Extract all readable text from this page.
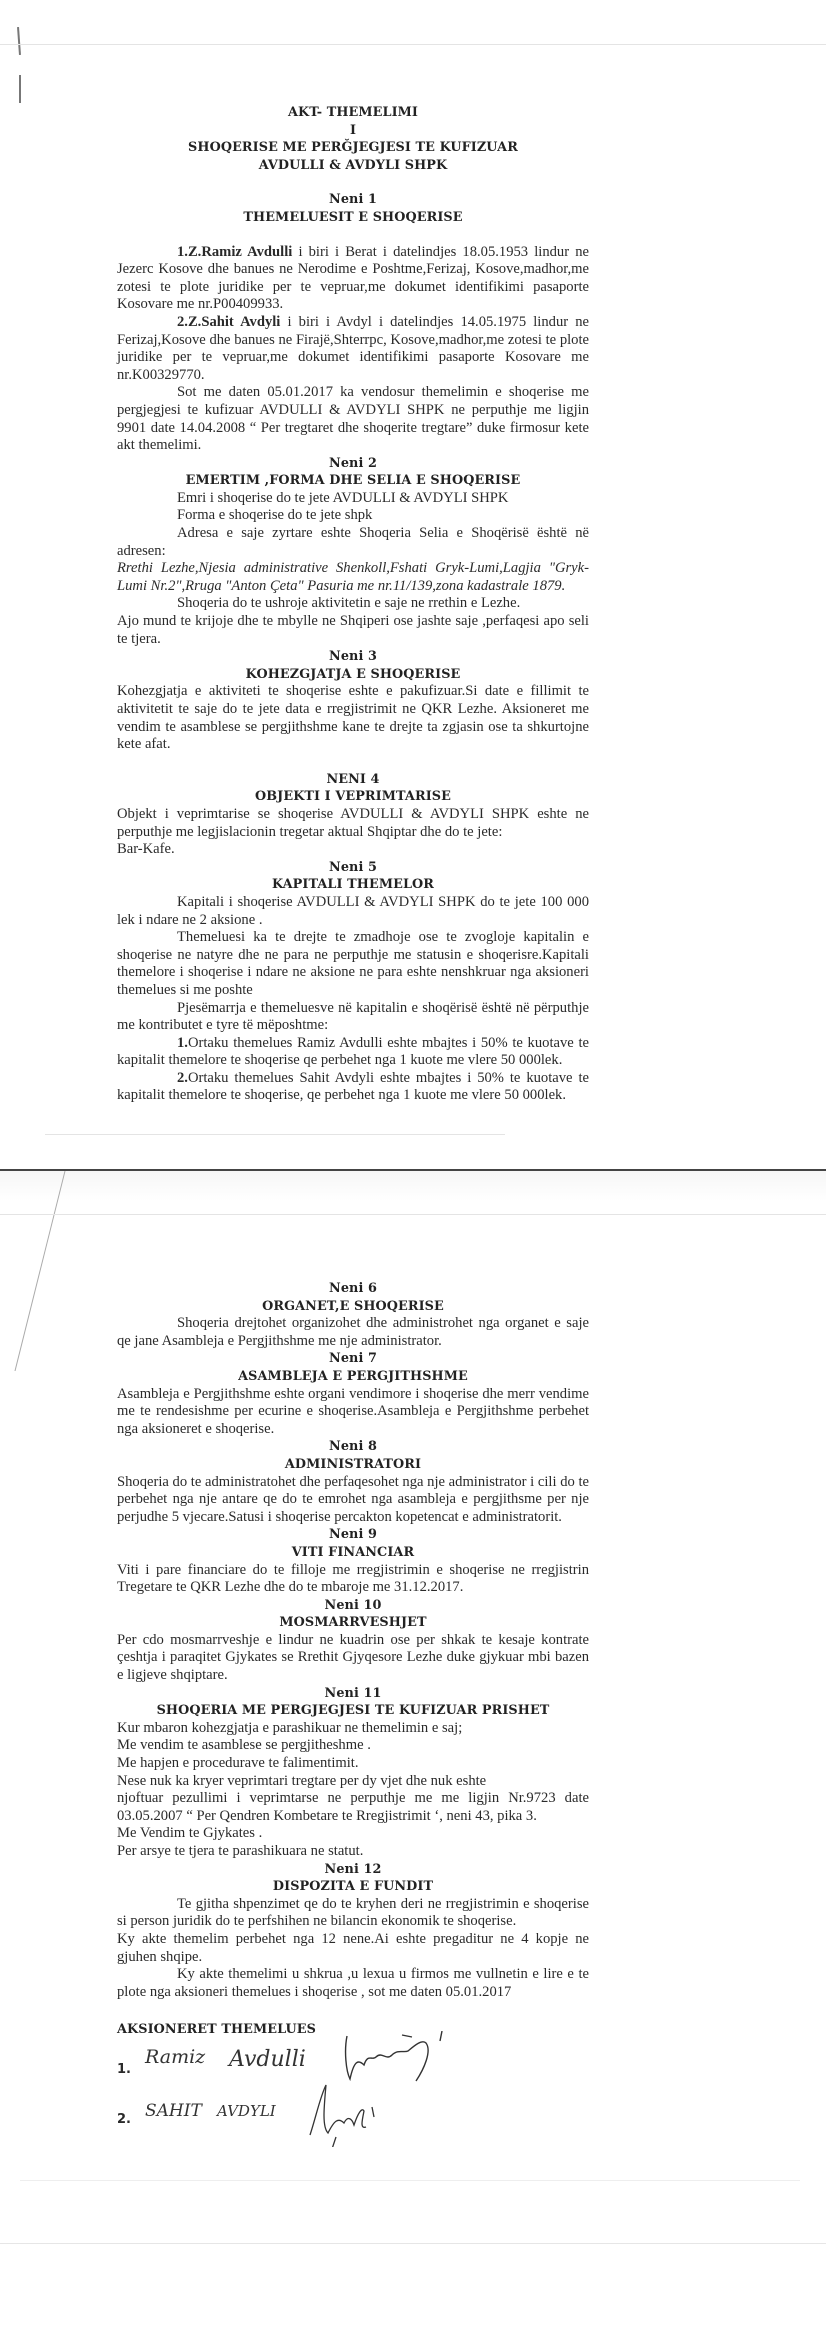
AKT- THEMELIMI
I
SHOQERISE ME PERĞJEGJESI TE KUFIZUAR
AVDULLI & AVDYLI SHPK
Neni 1
THEMELUESIT E SHOQERISE

1.Z.Ramiz Avdulli i biri i Berat i datelindjes 18.05.1953 lindur ne Jezerc Kosove dhe banues ne Nerodime e Poshtme,Ferizaj, Kosove,madhor,me zotesi te plote juridike per te vepruar,me dokumet identifikimi pasaporte Kosovare me nr.P00409933.

2.Z.Sahit Avdyli i biri i Avdyl i datelindjes 14.05.1975 lindur ne Ferizaj,Kosove dhe banues ne Firajë,Shterrpc, Kosove,madhor,me zotesi te plote juridike per te vepruar,me dokumet identifikimi pasaporte Kosovare me nr.K00329770.

Sot me daten 05.01.2017 ka vendosur themelimin e shoqerise me pergjegjesi te kufizuar AVDULLI & AVDYLI SHPK ne perputhje me ligjin 9901 date 14.04.2008 “ Per tregtaret dhe shoqerite tregtare” duke firmosur kete akt themelimi.

Neni 2
EMERTIM ,FORMA DHE SELIA E SHOQERISE

Emri i shoqerise do te jete AVDULLI & AVDYLI SHPK

Forma e shoqerise do te jete shpk

Adresa e saje zyrtare eshte Shoqeria Selia e Shoqërisë është në adresen:

Rrethi Lezhe,Njesia administrative Shenkoll,Fshati Gryk-Lumi,Lagjia "Gryk-Lumi Nr.2",Rruga "Anton Çeta" Pasuria me nr.11/139,zona kadastrale 1879.

Shoqeria do te ushroje aktivitetin e saje ne rrethin e Lezhe.

Ajo mund te krijoje dhe te mbylle ne Shqiperi ose jashte saje ,perfaqesi apo seli te tjera.

Neni 3
KOHEZGJATJA E SHOQERISE

Kohezgjatja e aktiviteti te shoqerise eshte e pakufizuar.Si date e fillimit te aktivitetit te saje do te jete data e rregjistrimit ne QKR Lezhe. Aksioneret me vendim te asamblese se pergjithshme kane te drejte ta zgjasin ose ta shkurtojne kete afat.

NENI 4
OBJEKTI I VEPRIMTARISE

Objekt i veprimtarise se shoqerise AVDULLI & AVDYLI SHPK eshte ne perputhje me legjislacionin tregetar aktual Shqiptar dhe do te jete:

Bar-Kafe.

Neni 5
KAPITALI THEMELOR

Kapitali i shoqerise AVDULLI & AVDYLI SHPK do te jete 100 000 lek i ndare ne 2 aksione .

Themeluesi ka te drejte te zmadhoje ose te zvogloje kapitalin e shoqerise ne natyre dhe ne para ne perputhje me statusin e shoqerisre.Kapitali themelore i shoqerise i ndare ne aksione ne para eshte nenshkruar nga aksioneri themelues si me poshte

Pjesëmarrja e themeluesve në kapitalin e shoqërisë është në përputhje me kontributet e tyre të mëposhtme:

1.Ortaku themelues Ramiz Avdulli eshte mbajtes i 50% te kuotave te kapitalit themelore te shoqerise qe perbehet nga 1 kuote me vlere 50 000lek.

2.Ortaku themelues Sahit Avdyli eshte mbajtes i 50% te kuotave te kapitalit themelore te shoqerise, qe perbehet nga 1 kuote me vlere 50 000lek.

Neni 6
ORGANET,E SHOQERISE

Shoqeria drejtohet organizohet dhe administrohet nga organet e saje qe jane Asambleja e Pergjithshme me nje administrator.

Neni 7
ASAMBLEJA E PERGJITHSHME

Asambleja e Pergjithshme eshte organi vendimore i shoqerise dhe merr vendime me te rendesishme per ecurine e shoqerise.Asambleja e Pergjithshme perbehet nga aksioneret e shoqerise.

Neni 8
ADMINISTRATORI

Shoqeria do te administratohet dhe perfaqesohet nga nje administrator i cili do te perbehet nga nje antare qe do te emrohet nga asambleja e pergjithsme per nje perjudhe 5 vjecare.Satusi i shoqerise percakton kopetencat e administratorit.

Neni 9
VITI FINANCIAR

Viti i pare financiare do te filloje me rregjistrimin e shoqerise ne rregjistrin Tregetare te QKR Lezhe dhe do te mbaroje me 31.12.2017.

Neni 10
MOSMARRVESHJET

Per cdo mosmarrveshje e lindur ne kuadrin ose per shkak te kesaje kontrate çeshtja i paraqitet Gjykates se Rrethit Gjyqesore Lezhe duke gjykuar mbi bazen e ligjeve shqiptare.

Neni 11
SHOQERIA ME PERGJEGJESI TE KUFIZUAR PRISHET

Kur mbaron kohezgjatja e parashikuar ne themelimin e saj;

Me vendim te asamblese se pergjitheshme .

Me hapjen e procedurave te falimentimit.

Nese nuk ka kryer veprimtari tregtare per dy vjet dhe nuk eshte

njoftuar pezullimi i veprimtarse ne perputhje me me ligjin Nr.9723 date 03.05.2007 “ Per Qendren Kombetare te Rregjistrimit ‘, neni 43, pika 3.

Me Vendim te Gjykates .

Per arsye te tjera te parashikuara ne statut.

Neni 12
DISPOZITA E FUNDIT

Te gjitha shpenzimet qe do te kryhen deri ne rregjistrimin e shoqerise si person juridik do te perfshihen ne bilancin ekonomik te shoqerise.

Ky akte themelim perbehet nga 12 nene.Ai eshte pregaditur ne 4 kopje ne gjuhen shqipe.

Ky akte themelimi u shkrua ,u lexua u firmos me vullnetin e lire e te plote nga aksioneri themelues i shoqerise , sot me daten 05.01.2017

AKSIONERET THEMELUES
1.
Ramiz Avdulli
2. SAHIT AVDYLI
